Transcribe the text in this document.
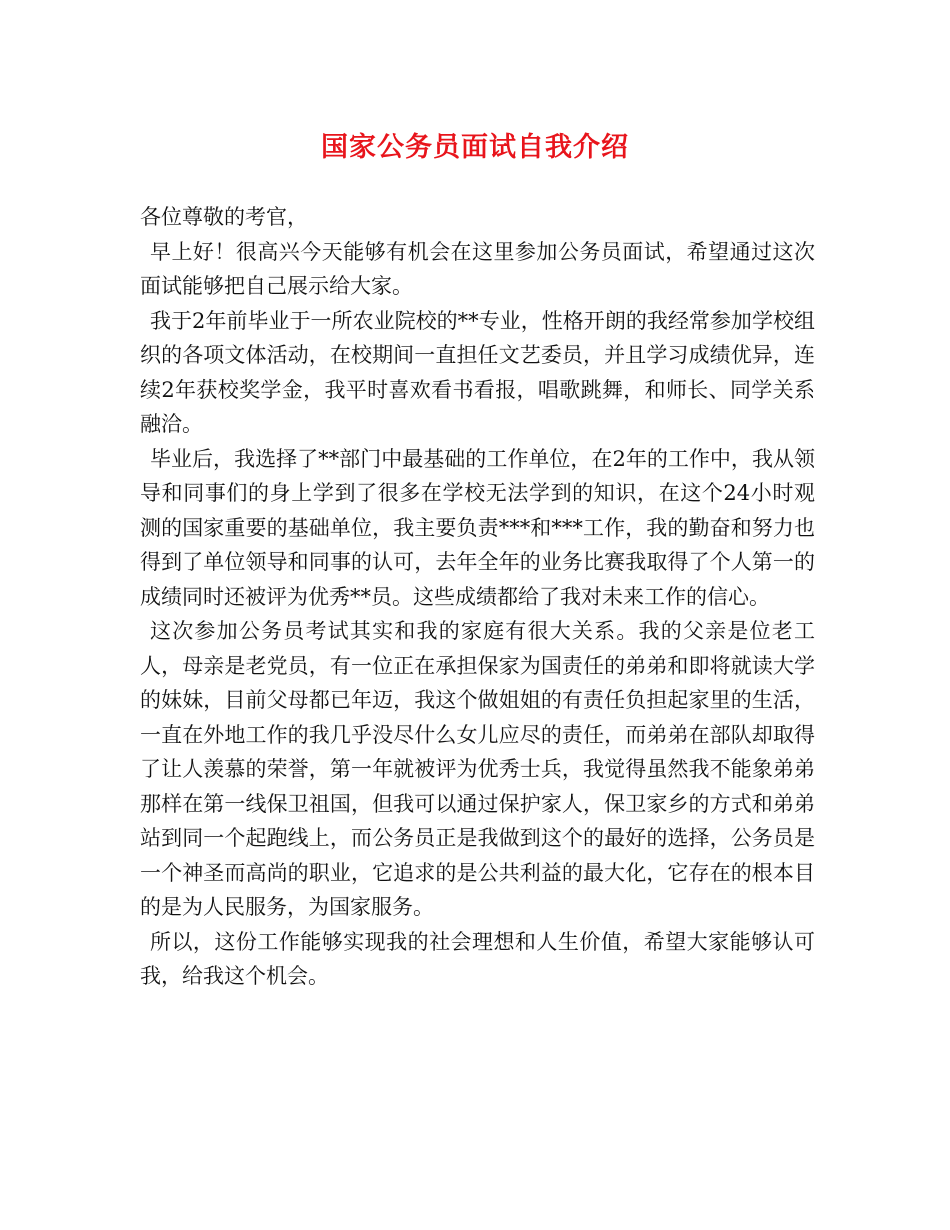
国家公务员面试自我介绍

各位尊敬的考官，

早上好！很高兴今天能够有机会在这里参加公务员面试，希望通过这次面试能够把自己展示给大家。

我于2年前毕业于一所农业院校的**专业，性格开朗的我经常参加学校组织的各项文体活动，在校期间一直担任文艺委员，并且学习成绩优异，连续2年获校奖学金，我平时喜欢看书看报，唱歌跳舞，和师长、同学关系融洽。

毕业后，我选择了**部门中最基础的工作单位，在2年的工作中，我从领导和同事们的身上学到了很多在学校无法学到的知识，在这个24小时观测的国家重要的基础单位，我主要负责***和***工作，我的勤奋和努力也得到了单位领导和同事的认可，去年全年的业务比赛我取得了个人第一的成绩同时还被评为优秀**员。这些成绩都给了我对未来工作的信心。

这次参加公务员考试其实和我的家庭有很大关系。我的父亲是位老工人，母亲是老党员，有一位正在承担保家为国责任的弟弟和即将就读大学的妹妹，目前父母都已年迈，我这个做姐姐的有责任负担起家里的生活，一直在外地工作的我几乎没尽什么女儿应尽的责任，而弟弟在部队却取得了让人羡慕的荣誉，第一年就被评为优秀士兵，我觉得虽然我不能象弟弟那样在第一线保卫祖国，但我可以通过保护家人，保卫家乡的方式和弟弟站到同一个起跑线上，而公务员正是我做到这个的最好的选择，公务员是一个神圣而高尚的职业，它追求的是公共利益的最大化，它存在的根本目的是为人民服务，为国家服务。

所以，这份工作能够实现我的社会理想和人生价值，希望大家能够认可我，给我这个机会。
